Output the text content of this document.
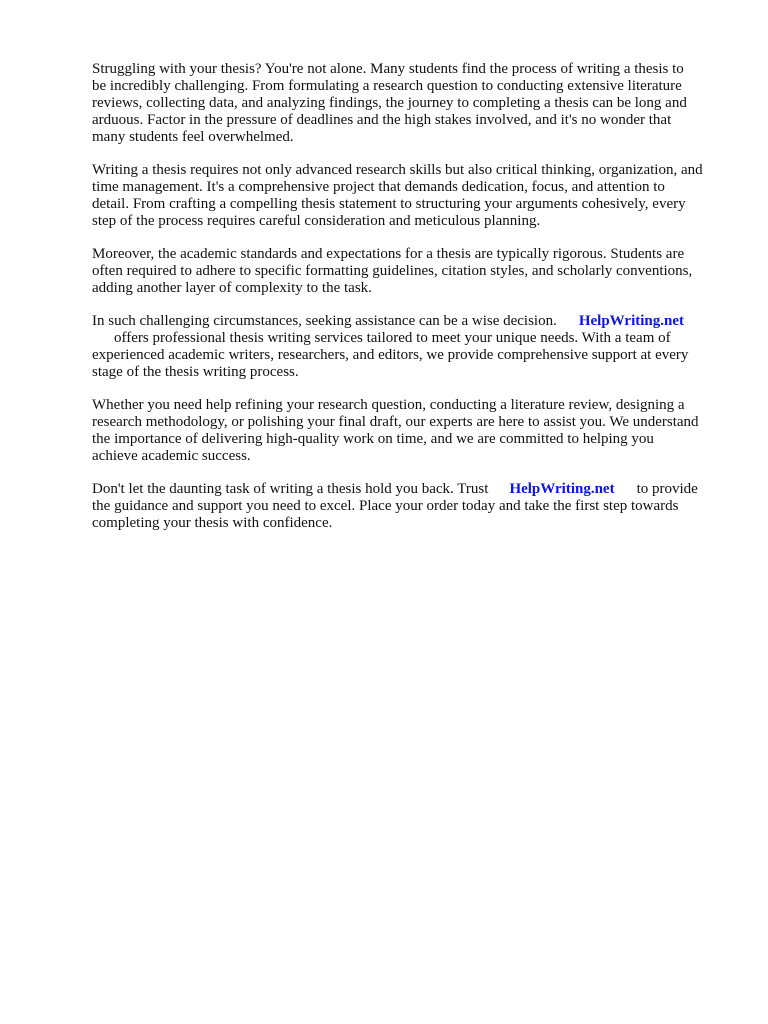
Struggling with your thesis? You're not alone. Many students find the process of writing a thesis to
be incredibly challenging. From formulating a research question to conducting extensive literature
reviews, collecting data, and analyzing findings, the journey to completing a thesis can be long and
arduous. Factor in the pressure of deadlines and the high stakes involved, and it's no wonder that
many students feel overwhelmed.

Writing a thesis requires not only advanced research skills but also critical thinking, organization, and
time management. It's a comprehensive project that demands dedication, focus, and attention to
detail. From crafting a compelling thesis statement to structuring your arguments cohesively, every
step of the process requires careful consideration and meticulous planning.

Moreover, the academic standards and expectations for a thesis are typically rigorous. Students are
often required to adhere to specific formatting guidelines, citation styles, and scholarly conventions,
adding another layer of complexity to the task.

In such challenging circumstances, seeking assistance can be a wise decision. HelpWriting.net
offers professional thesis writing services tailored to meet your unique needs. With a team of
experienced academic writers, researchers, and editors, we provide comprehensive support at every
stage of the thesis writing process.

Whether you need help refining your research question, conducting a literature review, designing a
research methodology, or polishing your final draft, our experts are here to assist you. We understand
the importance of delivering high-quality work on time, and we are committed to helping you
achieve academic success.

Don't let the daunting task of writing a thesis hold you back. Trust HelpWriting.net to provide
the guidance and support you need to excel. Place your order today and take the first step towards
completing your thesis with confidence.
